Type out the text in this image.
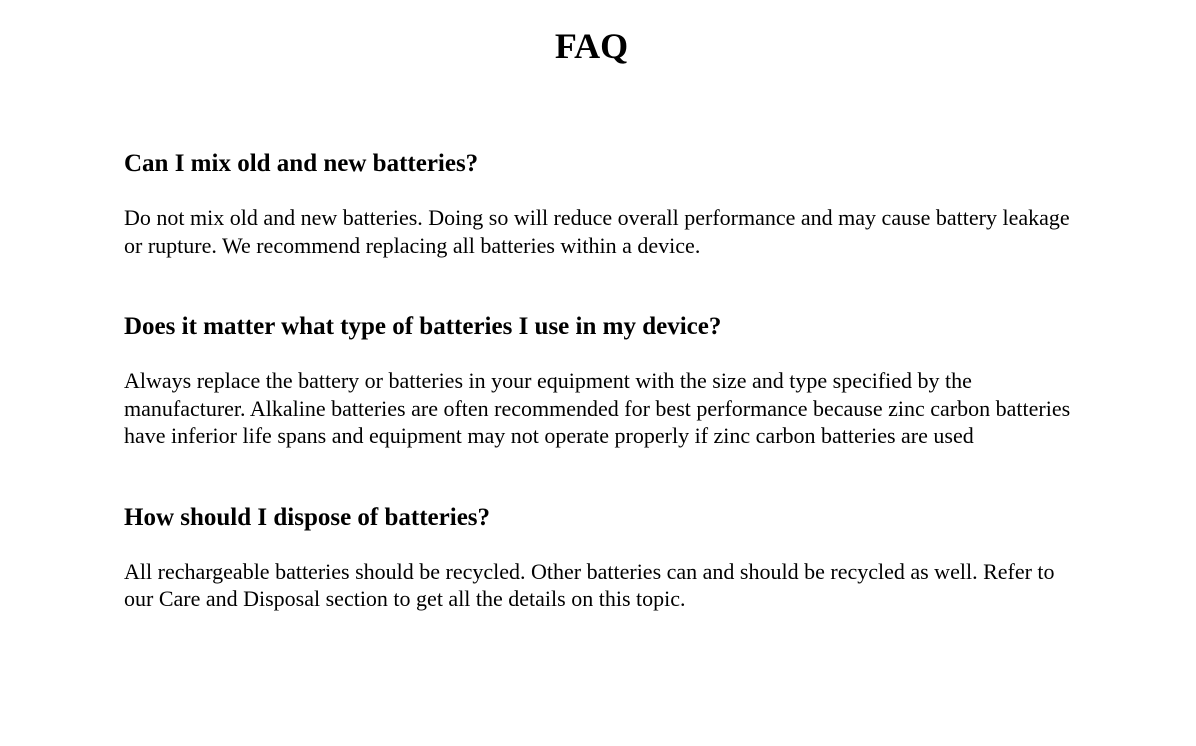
FAQ
Can I mix old and new batteries?

Do not mix old and new batteries. Doing so will reduce overall performance and may cause battery leakage or rupture. We recommend replacing all batteries within a device.

Does it matter what type of batteries I use in my device?

Always replace the battery or batteries in your equipment with the size and type specified by the manufacturer. Alkaline batteries are often recommended for best performance because zinc carbon batteries have inferior life spans and equipment may not operate properly if zinc carbon batteries are used

How should I dispose of batteries?

All rechargeable batteries should be recycled. Other batteries can and should be recycled as well. Refer to our Care and Disposal section to get all the details on this topic.
